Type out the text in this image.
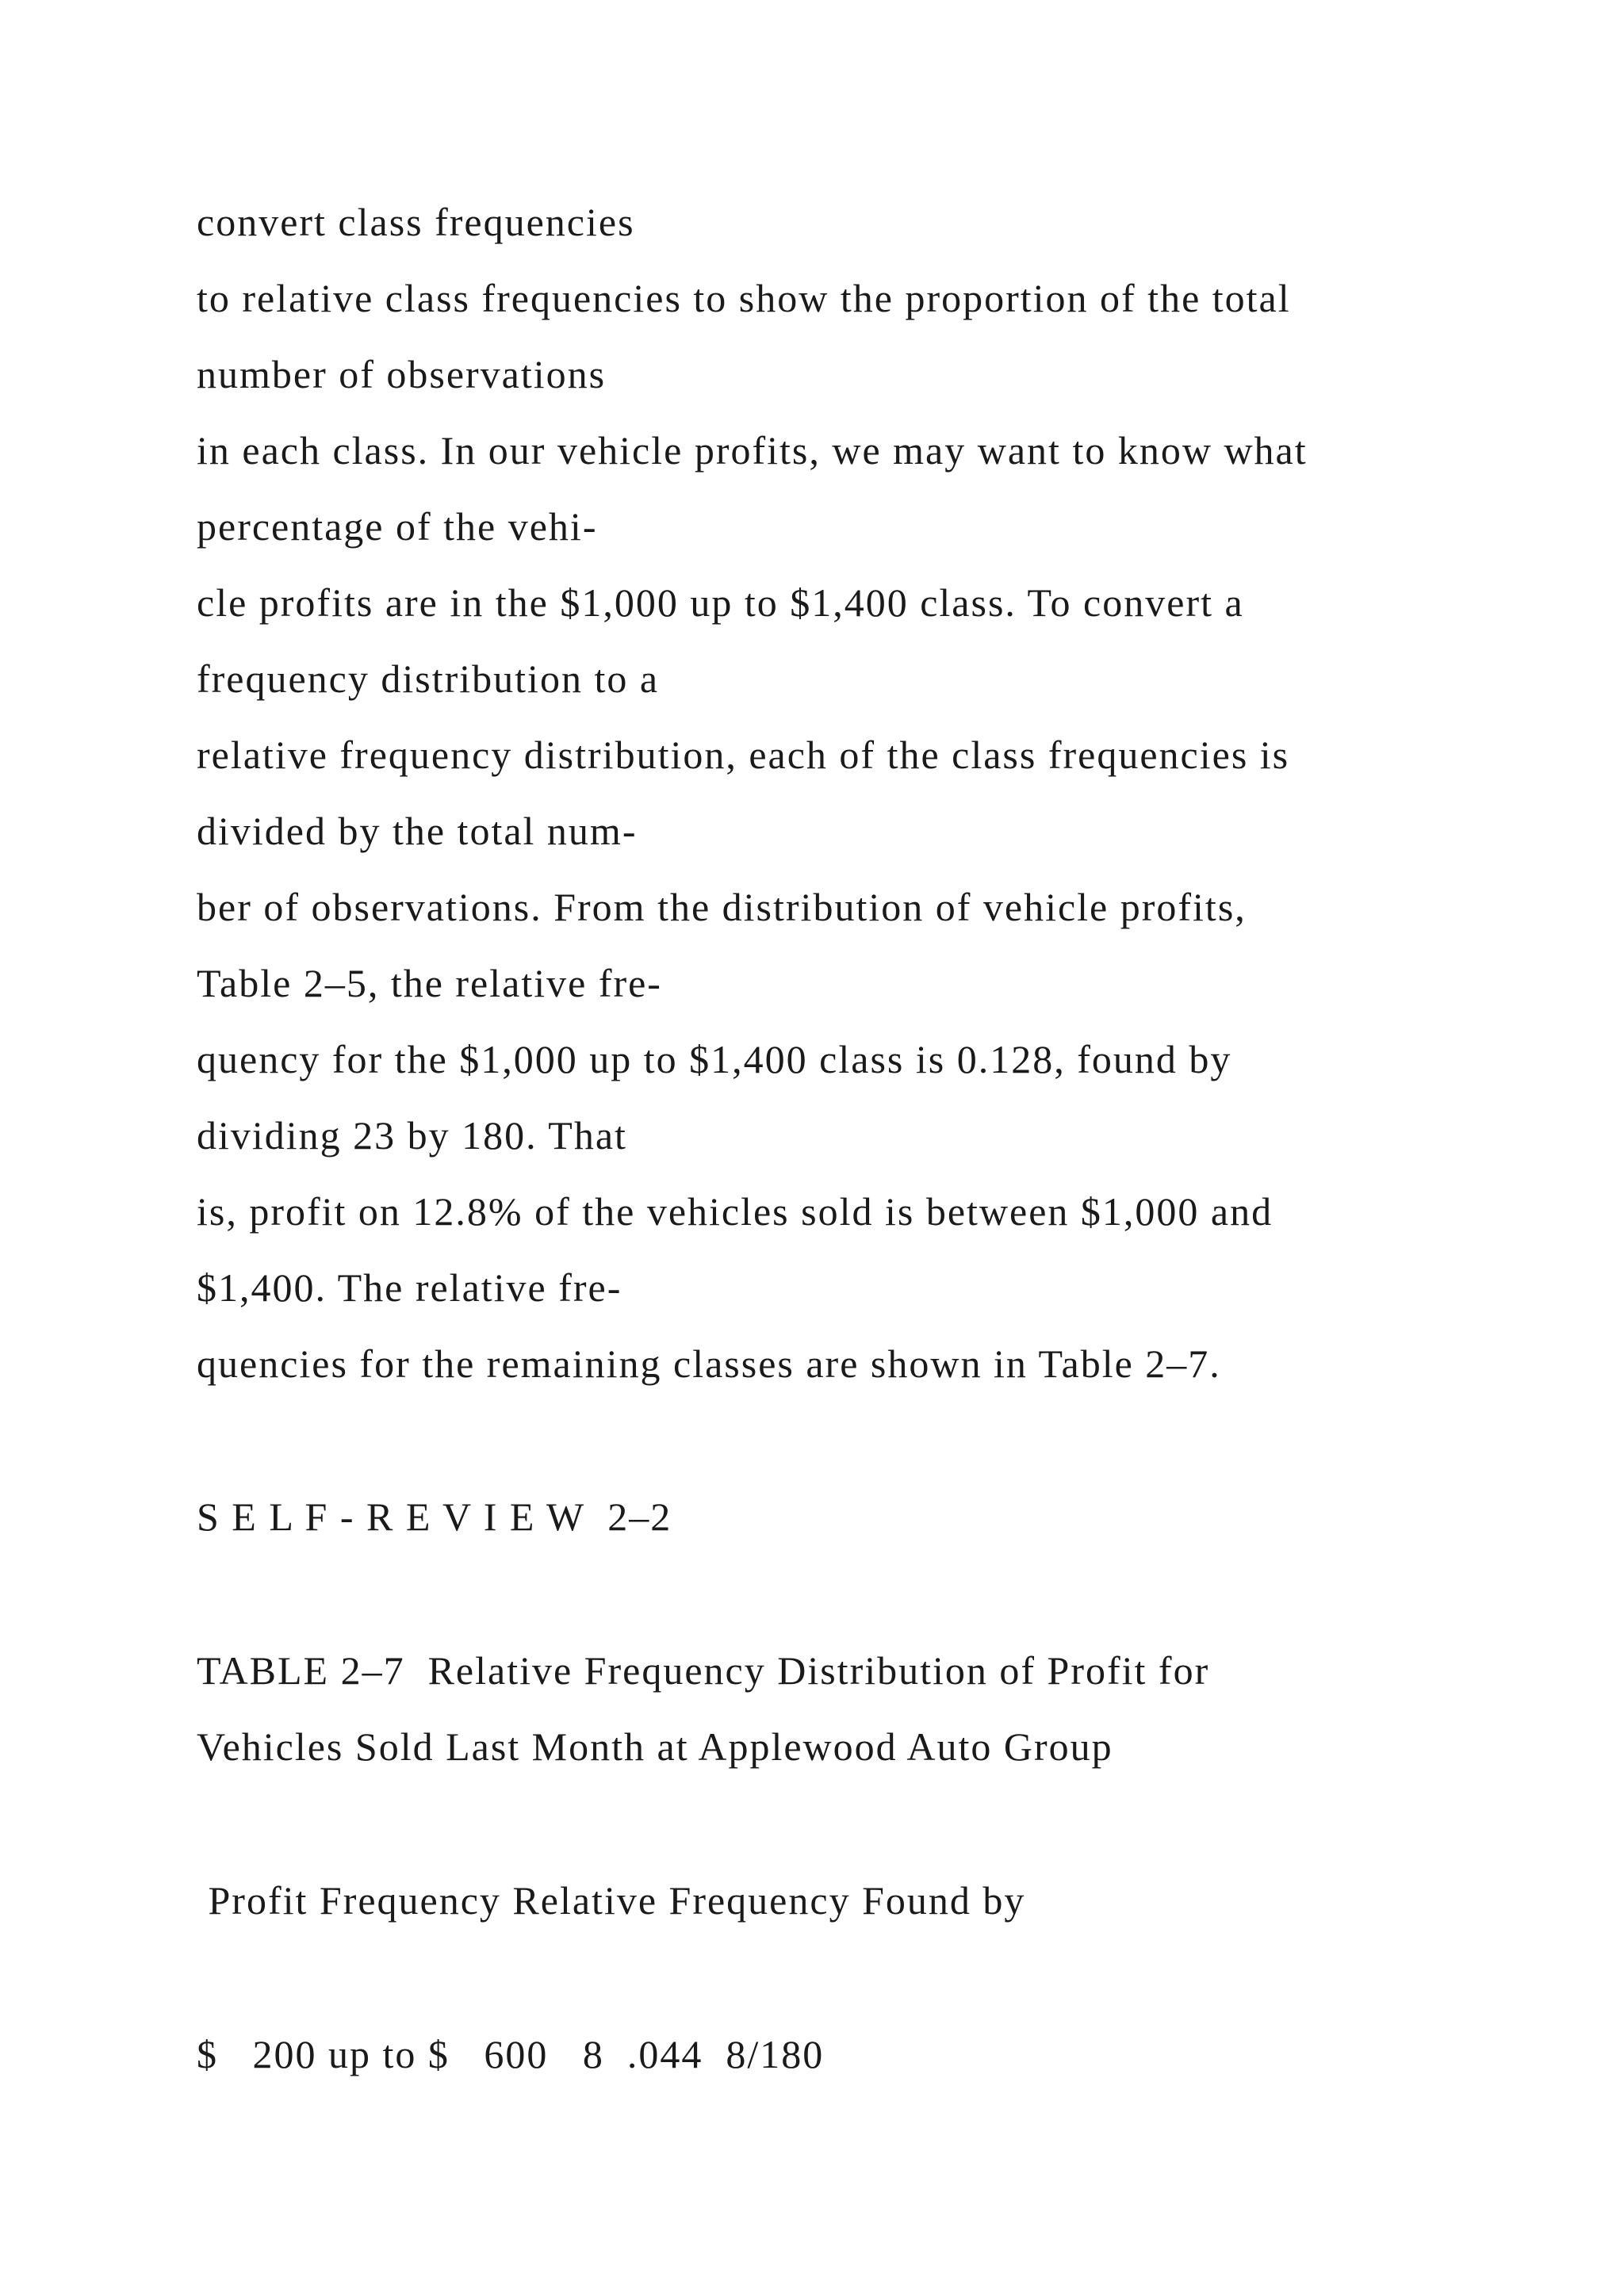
convert class frequencies
to relative class frequencies to show the proportion of the total
number of observations
in each class. In our vehicle profits, we may want to know what
percentage of the vehi-
cle profits are in the $1,000 up to $1,400 class. To convert a
frequency distribution to a
relative frequency distribution, each of the class frequencies is
divided by the total num-
ber of observations. From the distribution of vehicle profits,
Table 2–5, the relative fre-
quency for the $1,000 up to $1,400 class is 0.128, found by
dividing 23 by 180. That
is, profit on 12.8% of the vehicles sold is between $1,000 and
$1,400. The relative fre-
quencies for the remaining classes are shown in Table 2–7.
S E L F - R E V I E W  2–2
TABLE 2–7  Relative Frequency Distribution of Profit for
Vehicles Sold Last Month at Applewood Auto Group
Profit Frequency Relative Frequency Found by
$   200 up to $   600   8  .044  8/180
